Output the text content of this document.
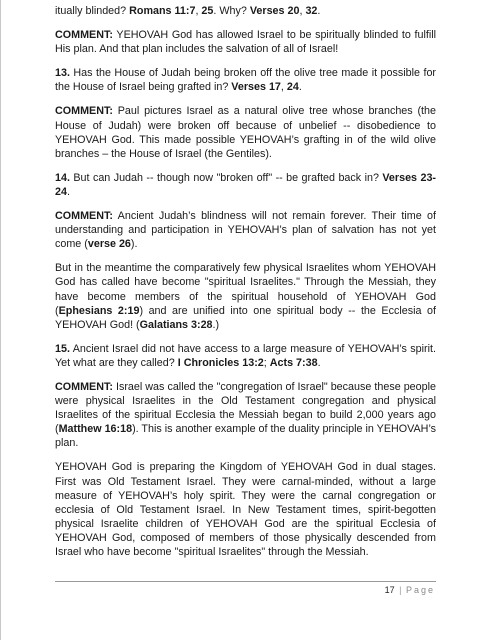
itually blinded? Romans 11:7, 25. Why? Verses 20, 32.

COMMENT: YEHOVAH God has allowed Israel to be spiritually blinded to fulfill His plan. And that plan includes the salvation of all of Israel!

13. Has the House of Judah being broken off the olive tree made it possible for the House of Israel being grafted in? Verses 17, 24.

COMMENT: Paul pictures Israel as a natural olive tree whose branches (the House of Judah) were broken off because of unbelief -- disobedience to YEHOVAH God. This made possible YEHOVAH’s grafting in of the wild olive branches – the House of Israel (the Gentiles).

14. But can Judah -- though now "broken off" -- be grafted back in? Verses 23-24.

COMMENT: Ancient Judah’s blindness will not remain forever. Their time of understanding and participation in YEHOVAH’s plan of salvation has not yet come (verse 26).

But in the meantime the comparatively few physical Israelites whom YEHOVAH God has called have become "spiritual Israelites." Through the Messiah, they have become members of the spiritual household of YEHOVAH God (Ephesians 2:19) and are unified into one spiritual body -- the Ecclesia of YEHOVAH God! (Galatians 3:28.)

15. Ancient Israel did not have access to a large measure of YEHOVAH’s spirit. Yet what are they called? I Chronicles 13:2; Acts 7:38.

COMMENT: Israel was called the "congregation of Israel" because these people were physical Israelites in the Old Testament congregation and physical Israelites of the spiritual Ecclesia the Messiah began to build 2,000 years ago (Matthew 16:18). This is another example of the duality principle in YEHOVAH’s plan.

YEHOVAH God is preparing the Kingdom of YEHOVAH God in dual stages. First was Old Testament Israel. They were carnal-minded, without a large measure of YEHOVAH’s holy spirit. They were the carnal congregation or ecclesia of Old Testament Israel. In New Testament times, spirit-begotten physical Israelite children of YEHOVAH God are the spiritual Ecclesia of YEHOVAH God, composed of members of those physically descended from Israel who have become "spiritual Israelites" through the Messiah.

17 | Page
